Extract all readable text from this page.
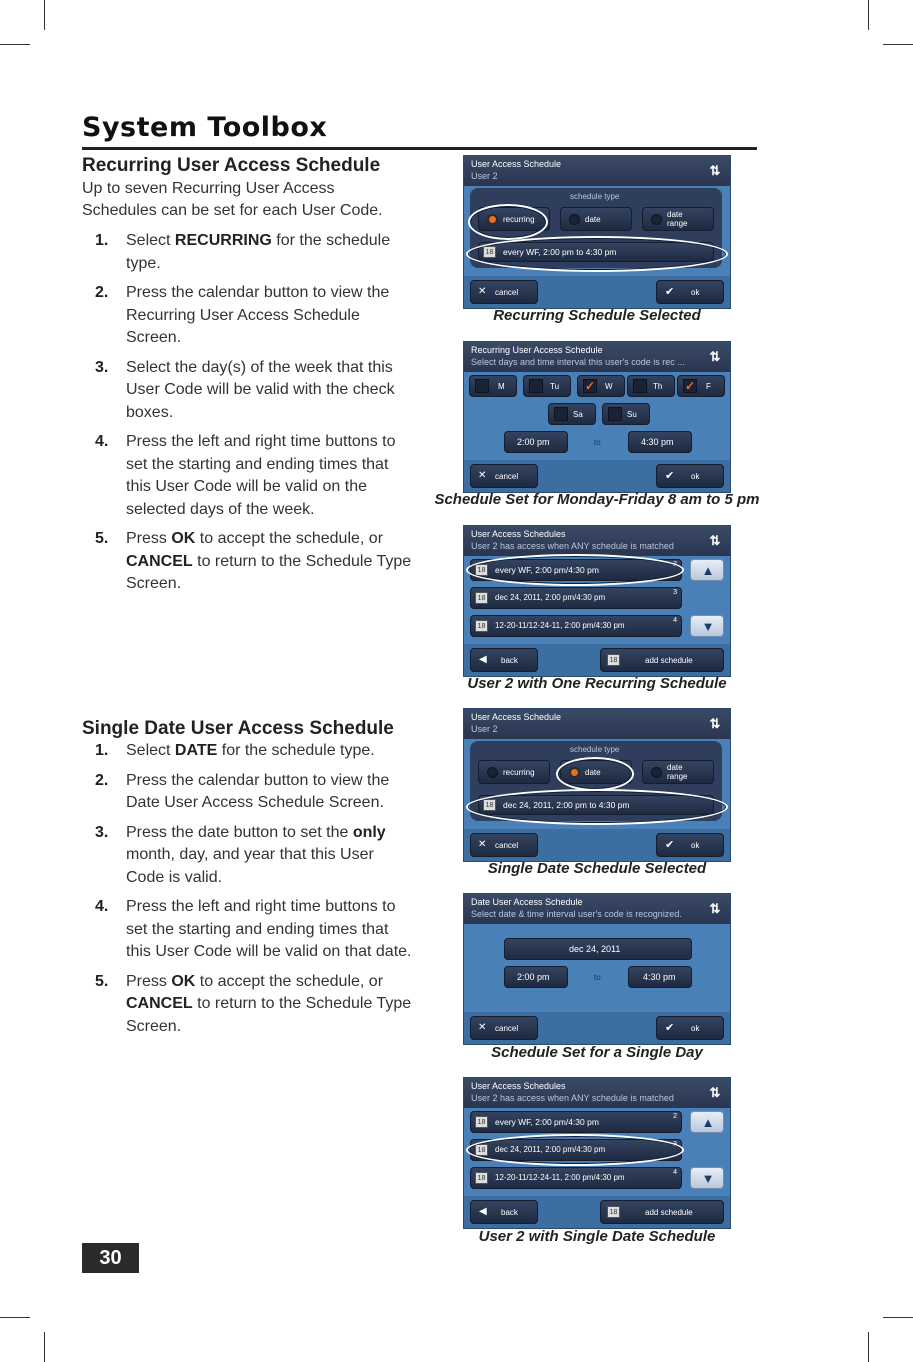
System Toolbox
Recurring User Access Schedule
Up to seven Recurring User Access Schedules can be set for each User Code.
1. Select RECURRING for the schedule type.
2. Press the calendar button to view the Recurring User Access Schedule Screen.
3. Select the day(s) of the week that this User Code will be valid with the check boxes.
4. Press the left and right time buttons to set the starting and ending times that this User Code will be valid on the selected days of the week.
5. Press OK to accept the schedule, or CANCEL to return to the Schedule Type Screen.
Single Date User Access Schedule
1. Select DATE for the schedule type.
2. Press the calendar button to view the Date User Access Schedule Screen.
3. Press the date button to set the only month, day, and year that this User Code is valid.
4. Press the left and right time buttons to set the starting and ending times that this User Code will be valid on that date.
5. Press OK to accept the schedule, or CANCEL to return to the Schedule Type Screen.
User Access Schedule
User 2	⇅
schedule type
recurring	date
date range
18	every WF, 2:00 pm to 4:30 pm
✕ cancel	✔ ok
Recurring Schedule Selected
Recurring User Access Schedule
Select days and time interval this user's code is rec ...	⇅
M	Tu ✓ W	Th ✓ F
Sa	Su
2:00 pm	to	4:30 pm
✕ cancel	✔ ok
Schedule Set for Monday-Friday 8 am to 5 pm
User Access Schedules
User 2 has access when ANY schedule is matched	⇅
18	every WF, 2:00 pm/4:30 pm
2
18	dec 24, 2011, 2:00 pm/4:30 pm
3
18	12-20-11/12-24-11, 2:00 pm/4:30 pm
4
▲
▼
◀ back	18	add schedule
User 2 with One Recurring Schedule
User Access Schedule
User 2	⇅
schedule type
recurring	date
date range
18	dec 24, 2011, 2:00 pm to 4:30 pm
✕ cancel	✔ ok
Single Date Schedule Selected
Date User Access Schedule
Select date & time interval user's code is recognized.	⇅
dec 24, 2011
2:00 pm	to	4:30 pm
✕ cancel	✔ ok
Schedule Set for a Single Day
User Access Schedules
User 2 has access when ANY schedule is matched	⇅
18	every WF, 2:00 pm/4:30 pm
2
18	dec 24, 2011, 2:00 pm/4:30 pm
3
18	12-20-11/12-24-11, 2:00 pm/4:30 pm
4
▲
▼
◀ back	18	add schedule
User 2 with Single Date Schedule
30
